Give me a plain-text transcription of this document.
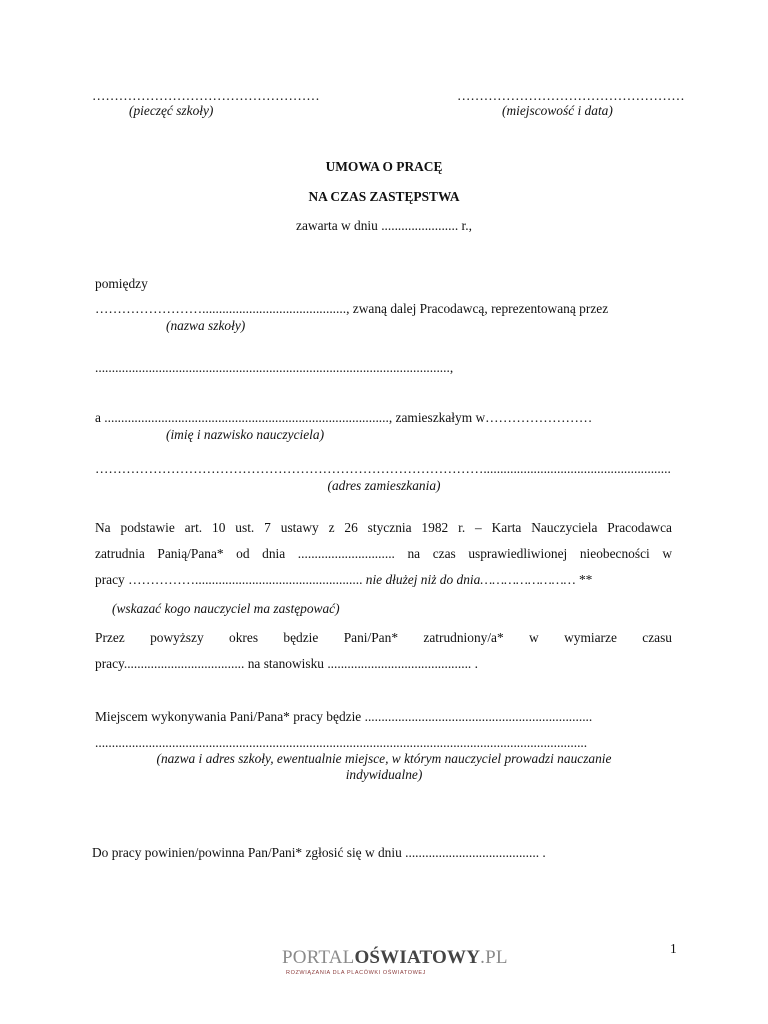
……………………………………………
(pieczęć szkoły)
……………………………………………
(miejscowość i data)
UMOWA O PRACĘ
NA CZAS ZASTĘPSTWA
zawarta w dniu ....................... r.,
pomiędzy
……………………..........................................., zwaną dalej Pracodawcą, reprezentowaną przez
(nazwa szkoły)
..........................................................................................................,
a ....................................................................................., zamieszkałym w……………………
(imię i nazwisko nauczyciela)
……………………………………………………………………………........................................................
(adres zamieszkania)
Na podstawie art. 10 ust. 7 ustawy z 26 stycznia 1982 r. – Karta Nauczyciela Pracodawca
zatrudnia Panią/Pana* od dnia ............................. na czas usprawiedliwionej nieobecności w
pracy …………….................................................. nie dłużej niż do dnia…………………… **
(wskazać kogo nauczyciel ma zastępować)
Przez powyższy okres będzie Pani/Pan* zatrudniony/a* w wymiarze czasu
pracy.................................... na stanowisku ........................................... .
Miejscem wykonywania Pani/Pana* pracy będzie ....................................................................
...................................................................................................................................................
(nazwa i adres szkoły, ewentualnie miejsce, w którym nauczyciel prowadzi nauczanie
indywidualne)
Do pracy powinien/powinna Pan/Pani* zgłosić się w dniu ........................................ .
1
PORTALOŚWIATOWY.PL
ROZWIĄZANIA DLA PLACÓWKI OŚWIATOWEJ
